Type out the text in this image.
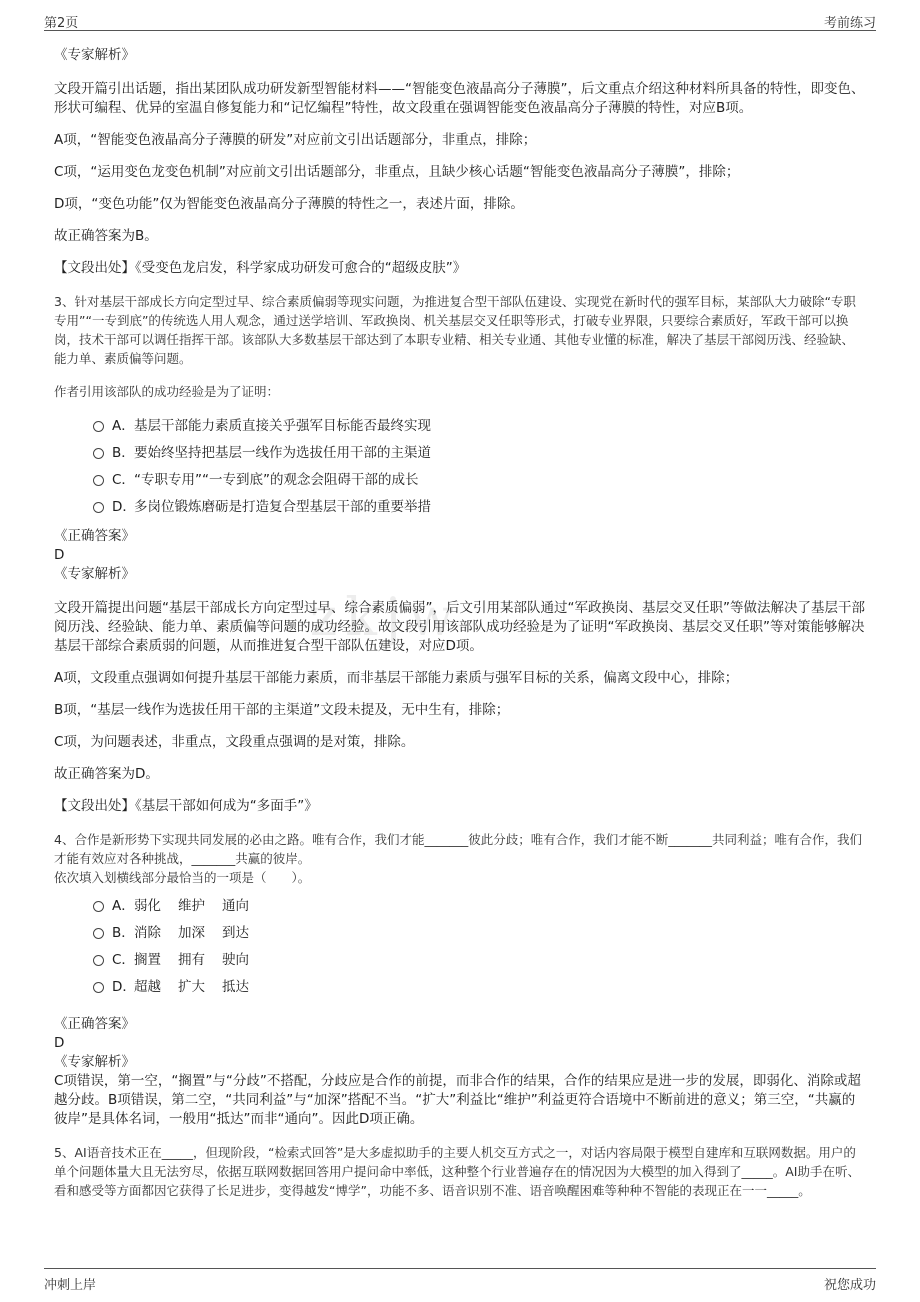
第2页	考前练习
zkjw

《专家解析》

文段开篇引出话题，指出某团队成功研发新型智能材料——“智能变色液晶高分子薄膜”，后文重点介绍这种材料所具备的特性，即变色、形状可编程、优异的室温自修复能力和“记忆编程”特性，故文段重在强调智能变色液晶高分子薄膜的特性，对应B项。

A项，“智能变色液晶高分子薄膜的研发”对应前文引出话题部分，非重点，排除；

C项，“运用变色龙变色机制”对应前文引出话题部分，非重点，且缺少核心话题“智能变色液晶高分子薄膜”，排除；

D项，“变色功能”仅为智能变色液晶高分子薄膜的特性之一，表述片面，排除。

故正确答案为B。

【文段出处】《受变色龙启发，科学家成功研发可愈合的“超级皮肤”》

3、针对基层干部成长方向定型过早、综合素质偏弱等现实问题，为推进复合型干部队伍建设、实现党在新时代的强军目标，某部队大力破除“专职专用”“一专到底”的传统选人用人观念，通过送学培训、军政换岗、机关基层交叉任职等形式，打破专业界限，只要综合素质好，军政干部可以换岗，技术干部可以调任指挥干部。该部队大多数基层干部达到了本职专业精、相关专业通、其他专业懂的标准，解决了基层干部阅历浅、经验缺、能力单、素质偏等问题。

作者引用该部队的成功经验是为了证明：

A．基层干部能力素质直接关乎强军目标能否最终实现
B．要始终坚持把基层一线作为选拔任用干部的主渠道
C．“专职专用”“一专到底”的观念会阻碍干部的成长
D．多岗位锻炼磨砺是打造复合型基层干部的重要举措

《正确答案》

D

《专家解析》

文段开篇提出问题“基层干部成长方向定型过早、综合素质偏弱”，后文引用某部队通过“军政换岗、基层交叉任职”等做法解决了基层干部阅历浅、经验缺、能力单、素质偏等问题的成功经验。故文段引用该部队成功经验是为了证明“军政换岗、基层交叉任职”等对策能够解决基层干部综合素质弱的问题，从而推进复合型干部队伍建设，对应D项。

A项，文段重点强调如何提升基层干部能力素质，而非基层干部能力素质与强军目标的关系，偏离文段中心，排除；

B项，“基层一线作为选拔任用干部的主渠道”文段未提及，无中生有，排除；

C项，为问题表述，非重点，文段重点强调的是对策，排除。

故正确答案为D。

【文段出处】《基层干部如何成为“多面手”》

4、合作是新形势下实现共同发展的必由之路。唯有合作，我们才能_______彼此分歧；唯有合作，我们才能不断_______共同利益；唯有合作，我们才能有效应对各种挑战，_______共赢的彼岸。

依次填入划横线部分最恰当的一项是（　　）。

A．弱化 维护 通向
B．消除 加深 到达
C．搁置 拥有 驶向
D．超越 扩大 抵达

《正确答案》

D

《专家解析》

C项错误，第一空，“搁置”与“分歧”不搭配，分歧应是合作的前提，而非合作的结果，合作的结果应是进一步的发展，即弱化、消除或超越分歧。B项错误，第二空，“共同利益”与“加深”搭配不当。“扩大”利益比“维护”利益更符合语境中不断前进的意义；第三空，“共赢的彼岸”是具体名词，一般用“抵达”而非“通向”。因此D项正确。

5、AI语音技术正在_____，但现阶段，“检索式回答”是大多虚拟助手的主要人机交互方式之一，对话内容局限于模型自建库和互联网数据。用户的单个问题体量大且无法穷尽，依据互联网数据回答用户提问命中率低，这种整个行业普遍存在的情况因为大模型的加入得到了_____。AI助手在听、看和感受等方面都因它获得了长足进步，变得越发“博学”，功能不多、语音识别不准、语音唤醒困难等种种不智能的表现正在一一_____。

冲刺上岸	祝您成功
